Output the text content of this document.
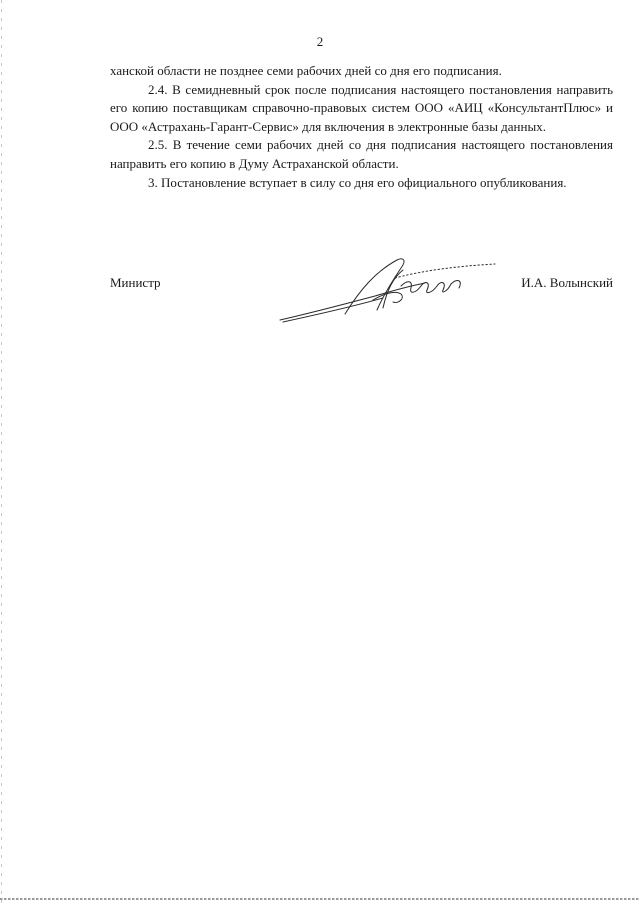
2

ханской области не позднее семи рабочих дней со дня его подписания.

2.4. В семидневный срок после подписания настоящего постановления направить его копию поставщикам справочно-правовых систем ООО «АИЦ «КонсультантПлюс» и ООО «Астрахань-Гарант-Сервис» для включения в электронные базы данных.

2.5. В течение семи рабочих дней со дня подписания настоящего постановления направить его копию в Думу Астраханской области.

3. Постановление вступает в силу со дня его официального опубликования.

Министр	И.А. Волынский
